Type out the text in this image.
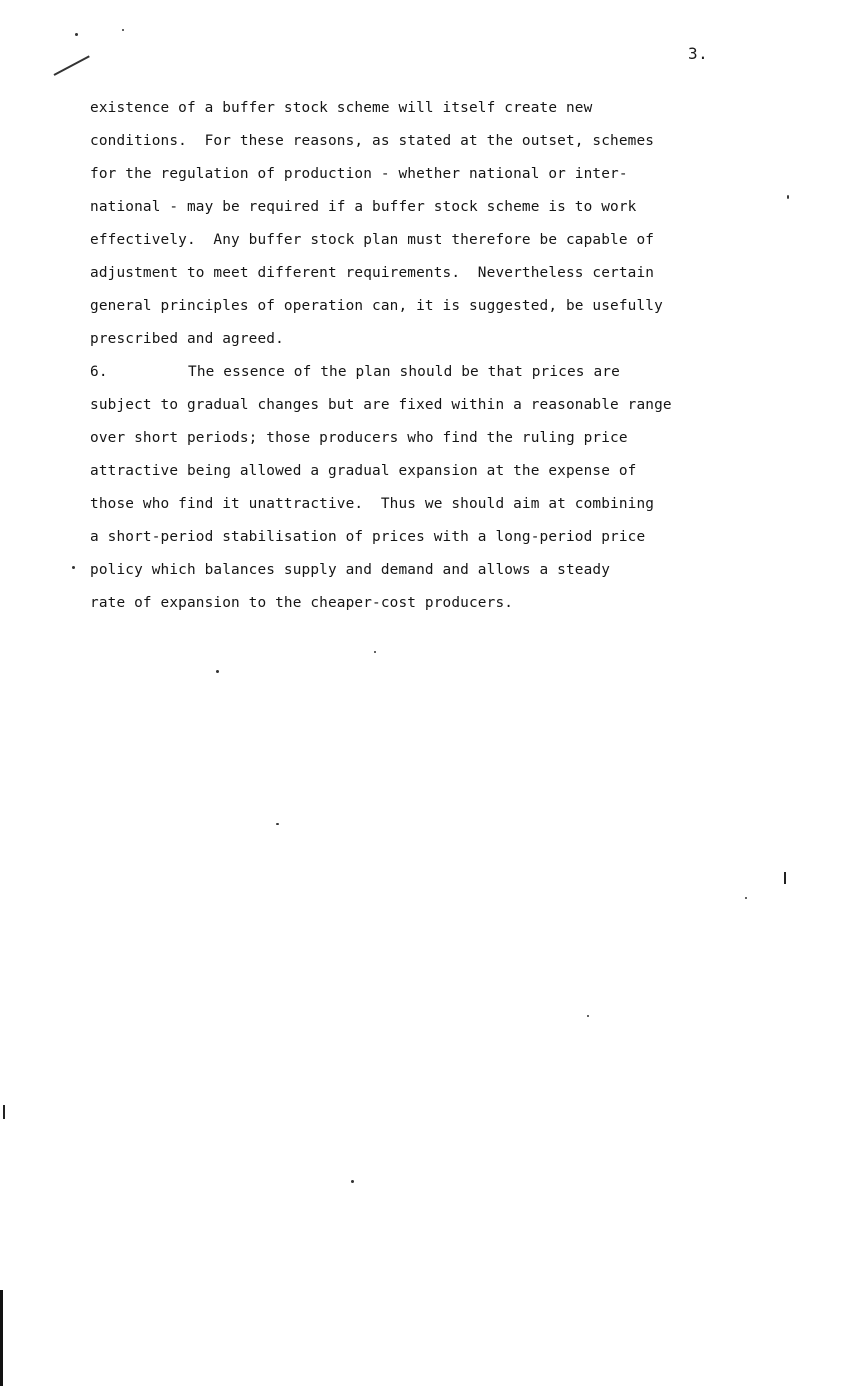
3.
existence of a buffer stock scheme will itself create new
conditions.  For these reasons, as stated at the outset, schemes
for the regulation of production - whether national or inter-
national - may be required if a buffer stock scheme is to work
effectively.  Any buffer stock plan must therefore be capable of
adjustment to meet different requirements.  Nevertheless certain
general principles of operation can, it is suggested, be usefully
prescribed and agreed.
6.	The essence of the plan should be that prices are
subject to gradual changes but are fixed within a reasonable range
over short periods; those producers who find the ruling price
attractive being allowed a gradual expansion at the expense of
those who find it unattractive.  Thus we should aim at combining
a short-period stabilisation of prices with a long-period price
policy which balances supply and demand and allows a steady
rate of expansion to the cheaper-cost producers.
